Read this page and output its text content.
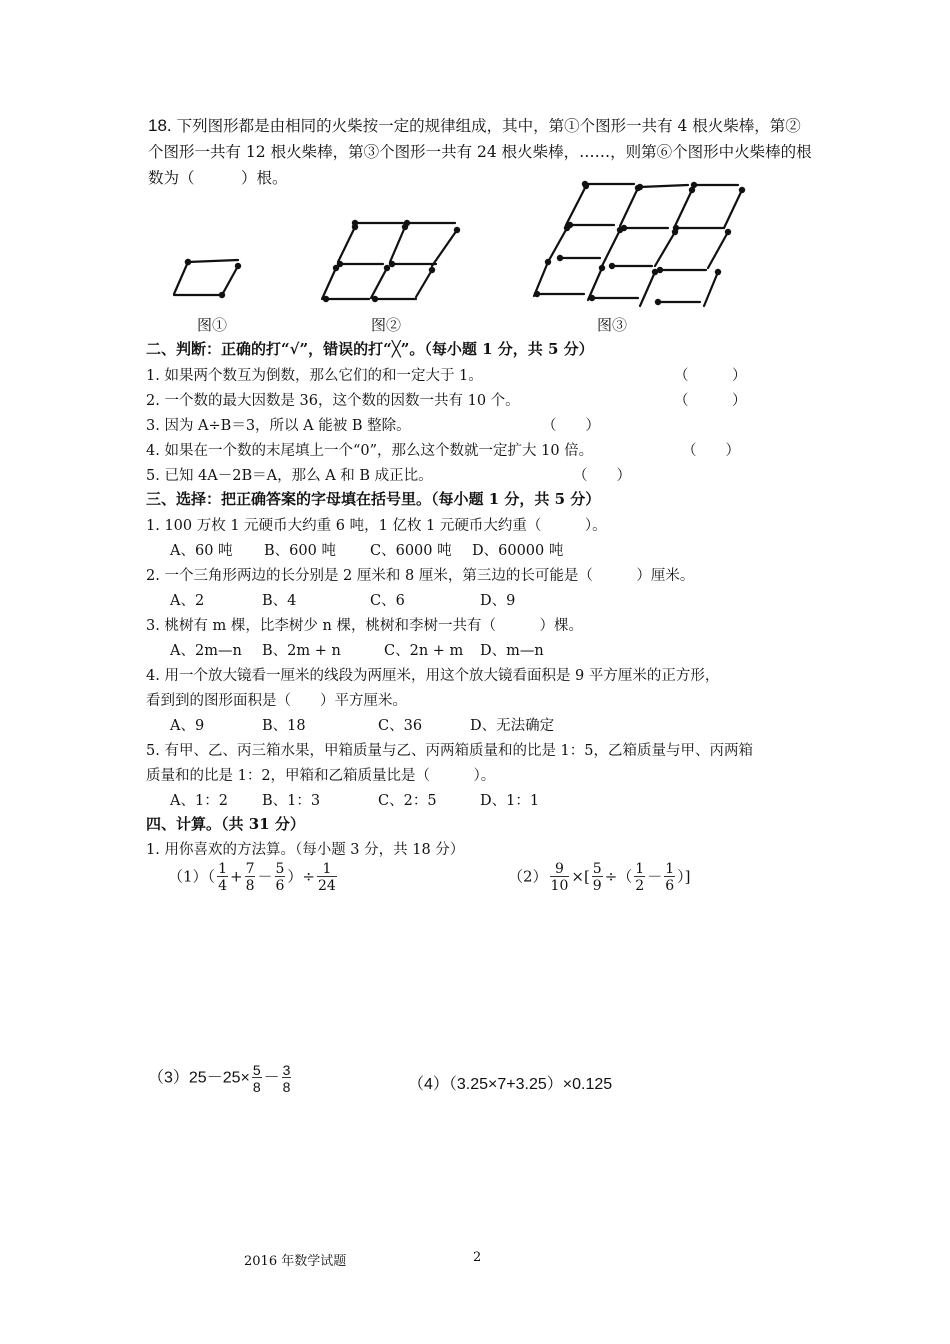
18. 下列图形都是由相同的火柴按一定的规律组成，其中，第①个图形一共有 4 根火柴棒，第②个图形一共有 12 根火柴棒，第③个图形一共有 24 根火柴棒，……，则第⑥个图形中火柴棒的根数为（　　　）根。
图①	图②	图③
二、判断：正确的打“√”，错误的打“╳”。（每小题 1 分，共 5 分）
1. 如果两个数互为倒数，那么它们的和一定大于 1。	（　　　）
2. 一个数的最大因数是 36，这个数的因数一共有 10 个。	（　　　）
3. 因为 A÷B＝3，所以 A 能被 B 整除。	（　　）
4. 如果在一个数的末尾填上一个“0”，那么这个数就一定扩大 10 倍。	（　　）
5. 已知 4A－2B＝A，那么 A 和 B 成正比。	（　　）
三、选择：把正确答案的字母填在括号里。（每小题 1 分，共 5 分）
1. 100 万枚 1 元硬币大约重 6 吨，1 亿枚 1 元硬币大约重（　　　）。
A、60 吨 B、600 吨 C、6000 吨 D、60000 吨
2. 一个三角形两边的长分别是 2 厘米和 8 厘米，第三边的长可能是（　　　）厘米。
A、2	B、4	C、6	D、9
3. 桃树有 m 棵，比李树少 n 棵，桃树和李树一共有（　　　）棵。
A、2m—n B、2m + n	C、2n + m D、m—n
4. 用一个放大镜看一厘米的线段为两厘米，用这个放大镜看面积是 9 平方厘米的正方形，
看到到的图形面积是（　　）平方厘米。
A、9	B、18	C、36	D、无法确定
5. 有甲、乙、丙三箱水果，甲箱质量与乙、丙两箱质量和的比是 1：5，乙箱质量与甲、丙两箱
质量和的比是 1：2，甲箱和乙箱质量比是（　　　）。
A、1：2 B、1：3	C、2：5	D、1：1
四、计算。（共 31 分）
1. 用你喜欢的方法算。（每小题 3 分，共 18 分）
$(1)( \frac{1}{4} + \frac{7}{8} - \frac{5}{6}$ ）÷ $\frac{1}{24}$	$(2) \frac{9}{10}$ ×[ $\frac{5}{9}$ ÷（ $\frac{1}{2} - \frac{1}{6}$ ）]
$(3)25-25\times \frac{5}{8} - \frac{3}{8}$	（4）（3.25×7+3.25）×0.125
2016 年数学试题	2
